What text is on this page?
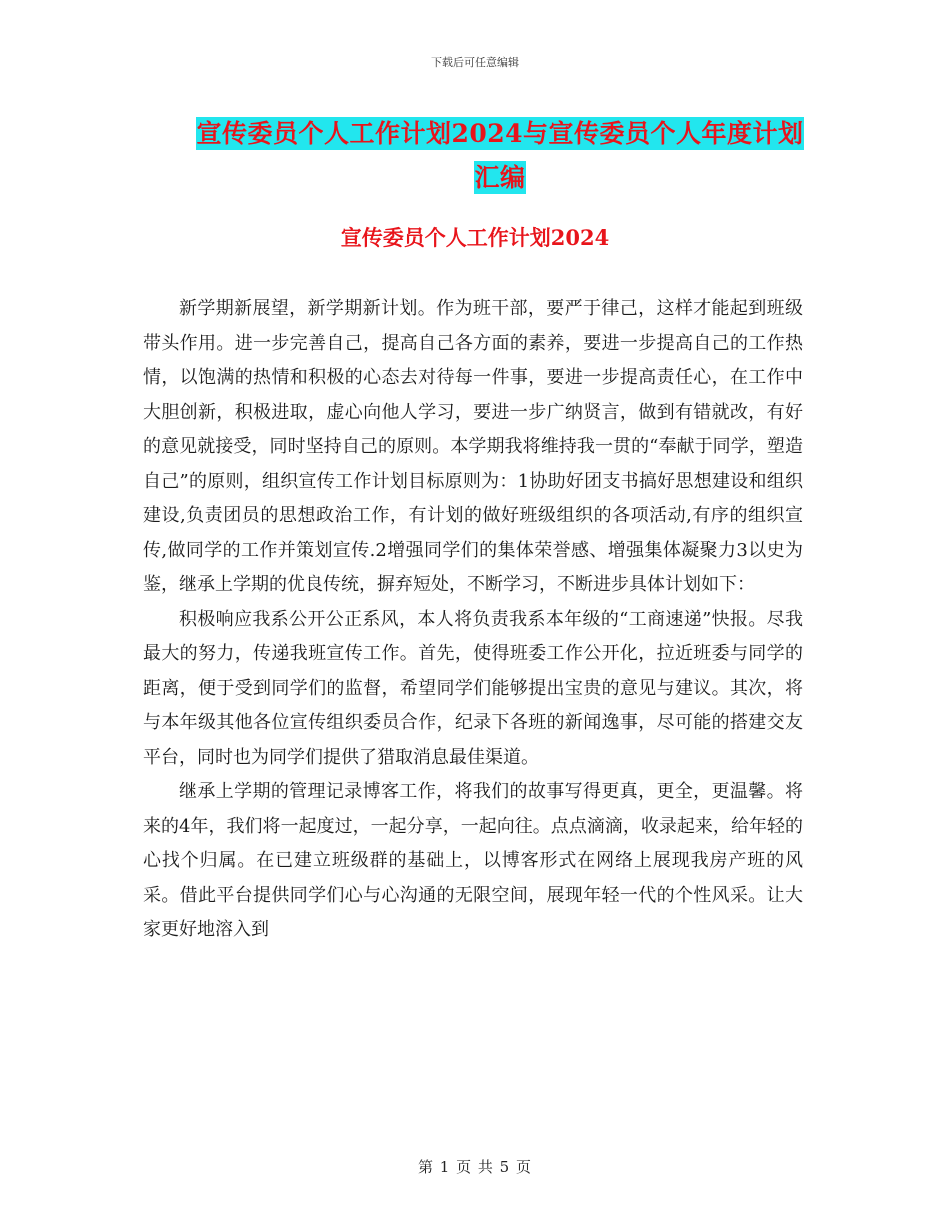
下载后可任意编辑
宣传委员个人工作计划2024与宣传委员个人年度计划
汇编
宣传委员个人工作计划2024

新学期新展望，新学期新计划。作为班干部，要严于律己，这样才能起到班级带头作用。进一步完善自己，提高自己各方面的素养，要进一步提高自己的工作热情，以饱满的热情和积极的心态去对待每一件事，要进一步提高责任心，在工作中大胆创新，积极进取，虚心向他人学习，要进一步广纳贤言，做到有错就改，有好的意见就接受，同时坚持自己的原则。本学期我将维持我一贯的“奉献于同学，塑造自己”的原则，组织宣传工作计划目标原则为：1协助好团支书搞好思想建设和组织建设,负责团员的思想政治工作，有计划的做好班级组织的各项活动,有序的组织宣传,做同学的工作并策划宣传.2增强同学们的集体荣誉感、增强集体凝聚力3以史为鉴，继承上学期的优良传统，摒弃短处，不断学习，不断进步具体计划如下：

积极响应我系公开公正系风，本人将负责我系本年级的“工商速递”快报。尽我最大的努力，传递我班宣传工作。首先，使得班委工作公开化，拉近班委与同学的距离，便于受到同学们的监督，希望同学们能够提出宝贵的意见与建议。其次，将与本年级其他各位宣传组织委员合作，纪录下各班的新闻逸事，尽可能的搭建交友平台，同时也为同学们提供了猎取消息最佳渠道。

继承上学期的管理记录博客工作，将我们的故事写得更真，更全，更温馨。将来的4年，我们将一起度过，一起分享，一起向往。点点滴滴，收录起来，给年轻的心找个归属。在已建立班级群的基础上，以博客形式在网络上展现我房产班的风采。借此平台提供同学们心与心沟通的无限空间，展现年轻一代的个性风采。让大家更好地溶入到

第 1 页 共 5 页
